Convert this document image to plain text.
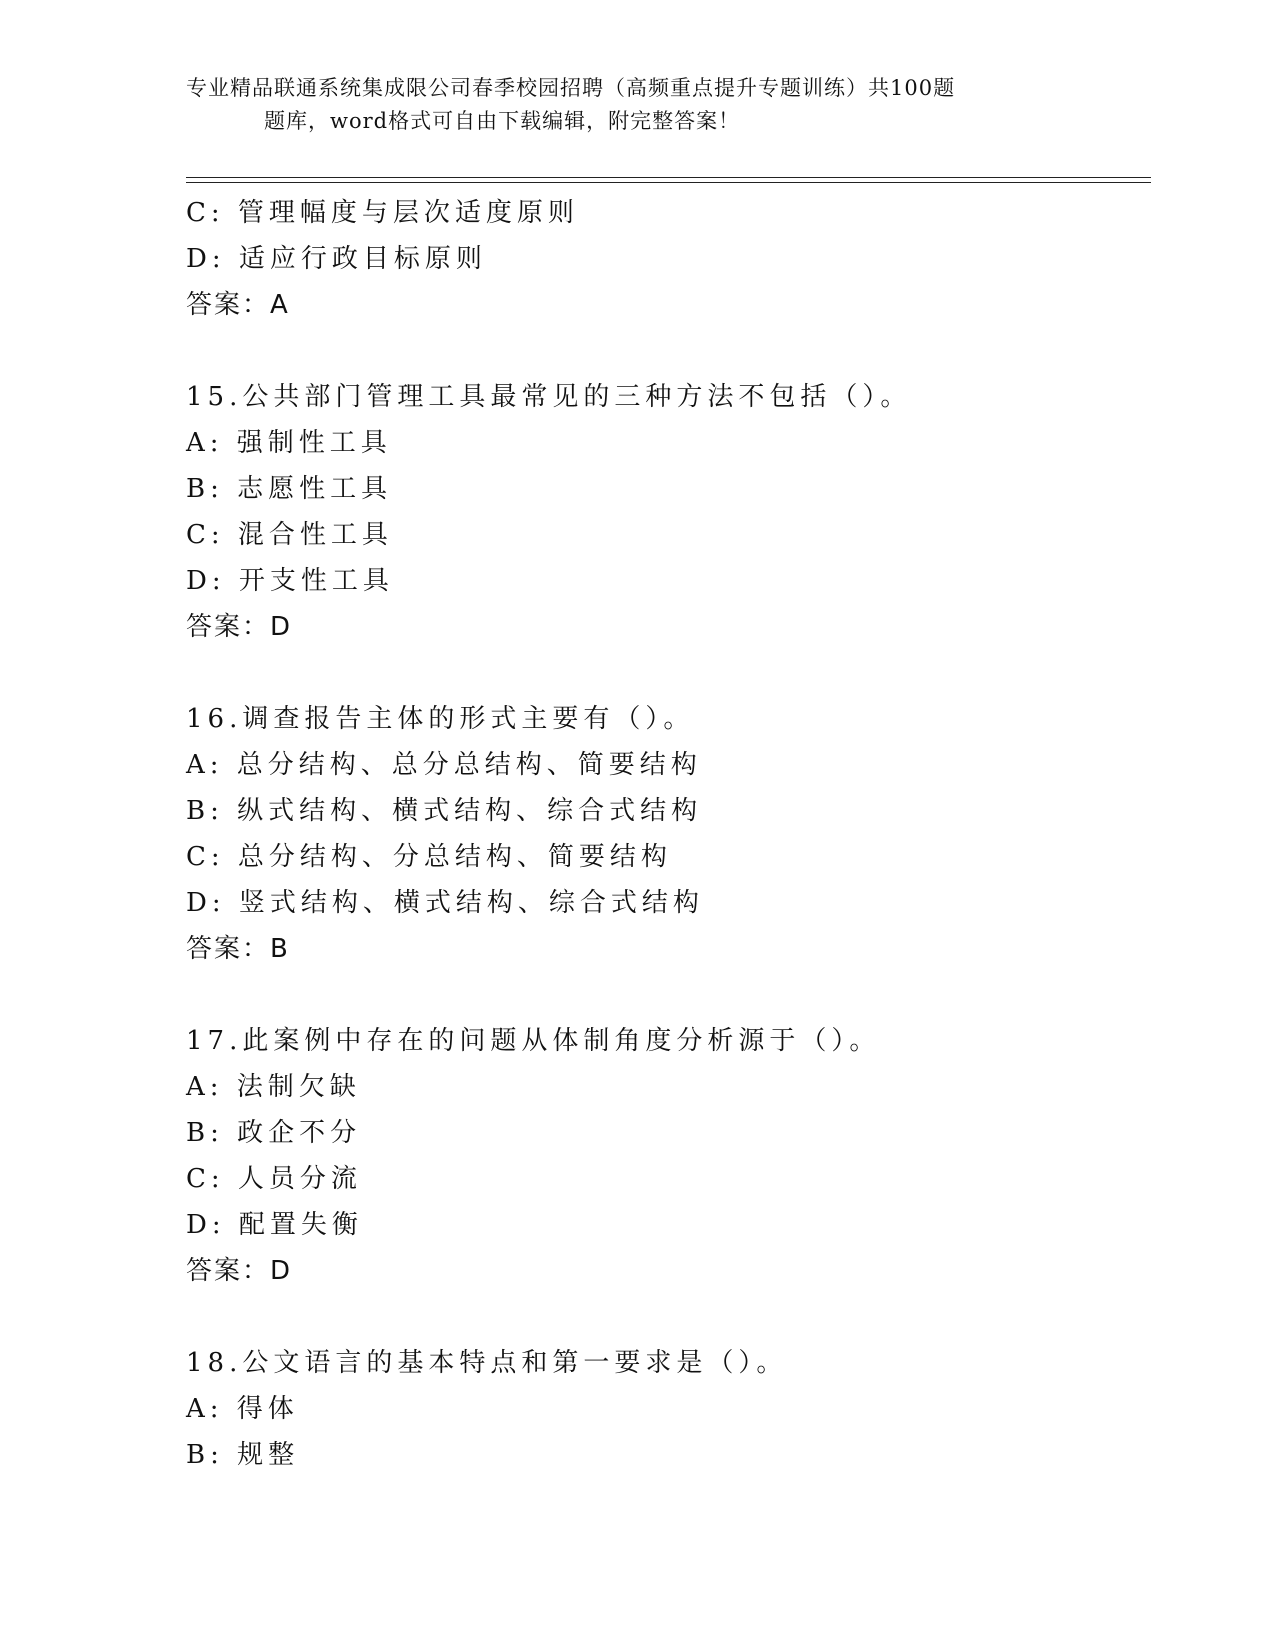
专业精品联通系统集成限公司春季校园招聘（高频重点提升专题训练）共100题
题库，word格式可自由下载编辑，附完整答案！
C: 管理幅度与层次适度原则
D: 适应行政目标原则
答案：A
15.公共部门管理工具最常见的三种方法不包括（）。
A: 强制性工具
B: 志愿性工具
C: 混合性工具
D: 开支性工具
答案：D
16.调查报告主体的形式主要有（）。
A: 总分结构、总分总结构、简要结构
B: 纵式结构、横式结构、综合式结构
C: 总分结构、分总结构、简要结构
D: 竖式结构、横式结构、综合式结构
答案：B
17.此案例中存在的问题从体制角度分析源于（）。
A: 法制欠缺
B: 政企不分
C: 人员分流
D: 配置失衡
答案：D
18.公文语言的基本特点和第一要求是（）。
A: 得体
B: 规整
